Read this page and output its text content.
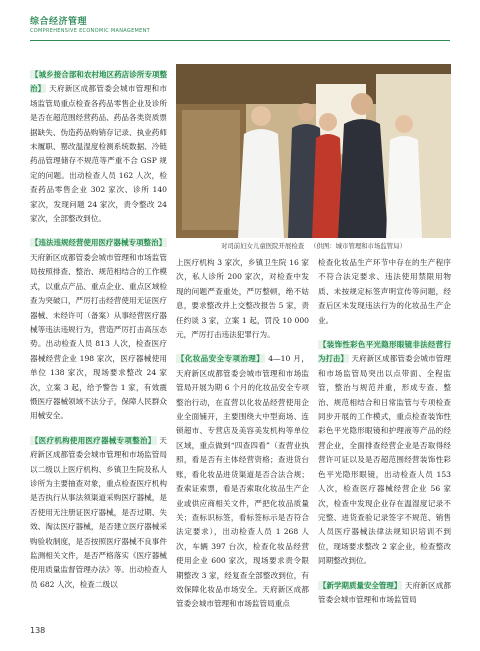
综合经济管理
COMPREHENSIVE ECONOMIC MANAGEMENT

【城乡接合部和农村地区药店诊所专项整治】 天府新区成都管委会城市管理和市场监管局重点检查各药品零售企业及诊所是否在超范围经营药品、药品各类资质票据缺失、伪造药品购销存记录、执业药师未履职、罂改温湿度检测系统数据、冷链药品管理储存不规范等严重不合 GSP 规定的问题。出动检查人员 162 人次，检查药品零售企业 302 家次、诊所 140 家次，发现问题 24 家次，责令整改 24 家次，全部整改到位。

【违法违规经营使用医疗器械专项整治】 天府新区成都管委会城市管理和市场监管局按照排查、整治、规范相结合的工作模式，以重点产品、重点企业、重点区域检查为突破口，严厉打击经营使用无证医疗器械、未经许可（备案）从事经营医疗器械等违法违规行为，营造严厉打击高压态势。出动检查人员 813 人次，检查医疗器械经营企业 198 家次，医疗器械使用单位 138 家次，现场要求整改 24 家次，立案 3 起，给予警告 1 家，有效震慑医疗器械领域不法分子，保障人民群众用械安全。

【医疗机构使用医疗器械专项整治】 天府新区成都管委会城市管理和市场监管局以二级以上医疗机构、乡镇卫生院及私人诊所为主要抽查对象，重点检查医疗机构是否执行从事法须渠道采购医疗器械，是否使用无注册证医疗器械，是否过期、失效、淘汰医疗器械，是否建立医疗器械采购验收制度，是否按照医疗器械不良事件监测相关文件，是否严格落实《医疗器械使用质量监督管理办法》等。出动检查人员 682 人次，检查二级以

对司前妇女儿童医院开展检查 （供图：城市管理和市场监管局）

上医疗机构 3 家次，乡镇卫生院 16 家次，私人诊所 200 家次，对检查中发现的问题严查重处，严厉整顿，绝不姑息，要求整改并上交整改报告 5 家，责任约谈 3 家，立案 1 起，罚没 10 000 元，严厉打击违法犯罪行为。

【化妆品安全专项治理】 4—10 月，天府新区成都管委会城市管理和市场监管局开展为期 6 个月的化妆品安全专项整治行动，在直营以化妆品经营使用企业全面铺开，主要围绕大中型商场、连锁超市、专营店及美容美发机构等单位区域，重点做到“四查四看”（查营业执照，看是否有主体经营资格；查进货台账，看化妆品进货渠道是否合法合规；查索证索票，看是否索取化妆品生产企业或供应商相关文件，严把化妆品质量关；查标识标签，看标签标示是否符合法定要求），出动检查人员 1 268 人次，车辆 397 台次，检查化妆品经营使用企业 600 家次，现场要求责令限期整改 3 家，经复查全部整改到位，有效保障化妆品市场安全。天府新区成都管委会城市管理和市场监管局重点

检查化妆品生产环节中存在的生产程序不符合法定要求、违法使用禁限用物质、未按规定标签声明宣传等问题，经查后区未发现违法行为的化妆品生产企业。

【装饰性彩色平光隐形眼镜非法经营行为打击】 天府新区成都管委会城市管理和市场监管局突出以点带面、全程监管，整治与规范并重，形成专查、整治、规范相结合和日常监管与专项检查同步开展的工作模式，重点检查装饰性彩色平光隐形眼镜和护理液等产品的经营企业，全面排查经营企业是否取得经营许可证以及是否超范围经营装饰性彩色平光隐形眼镜，出动检查人员 153 人次，检查医疗器械经营企业 56 家次，检查中发现企业存在温湿度记录不完整、进货查验记录签字不规范、销售人员医疗器械法律法规知识培训不到位，现场要求整改 2 家企业，检查整改同期整改到位。

【新学期质量安全管理】 天府新区成都管委会城市管理和市场监管局

138
